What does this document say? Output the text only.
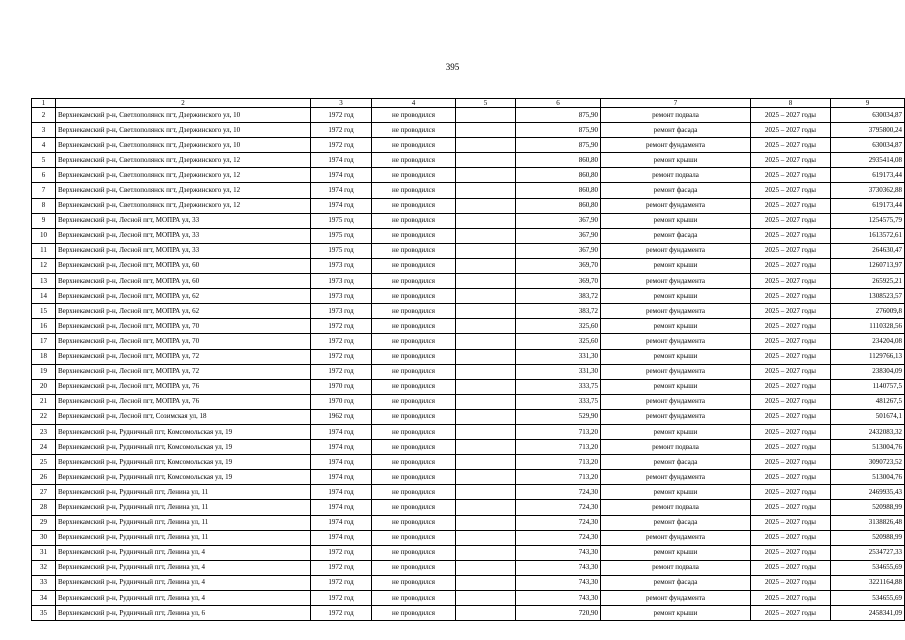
395
1	2	3	4	5	6	7	8	9
2	Верхнекамский р-н, Светлополянск пгт, Дзержинского ул, 10	1972 год	не проводился		875,90	ремонт подвала	2025 – 2027 годы	630034,87
3	Верхнекамский р-н, Светлополянск пгт, Дзержинского ул, 10	1972 год	не проводился		875,90	ремонт фасада	2025 – 2027 годы	3795800,24
4	Верхнекамский р-н, Светлополянск пгт, Дзержинского ул, 10	1972 год	не проводился		875,90	ремонт фундамента	2025 – 2027 годы	630034,87
5	Верхнекамский р-н, Светлополянск пгт, Дзержинского ул, 12	1974 год	не проводился		860,80	ремонт крыши	2025 – 2027 годы	2935414,08
6	Верхнекамский р-н, Светлополянск пгт, Дзержинского ул, 12	1974 год	не проводился		860,80	ремонт подвала	2025 – 2027 годы	619173,44
7	Верхнекамский р-н, Светлополянск пгт, Дзержинского ул, 12	1974 год	не проводился		860,80	ремонт фасада	2025 – 2027 годы	3730362,88
8	Верхнекамский р-н, Светлополянск пгт, Дзержинского ул, 12	1974 год	не проводился		860,80	ремонт фундамента	2025 – 2027 годы	619173,44
9	Верхнекамский р-н, Лесной пгт, МОПРА ул, 33	1975 год	не проводился		367,90	ремонт крыши	2025 – 2027 годы	1254575,79
10	Верхнекамский р-н, Лесной пгт, МОПРА ул, 33	1975 год	не проводился		367,90	ремонт фасада	2025 – 2027 годы	1613572,61
11	Верхнекамский р-н, Лесной пгт, МОПРА ул, 33	1975 год	не проводился		367,90	ремонт фундамента	2025 – 2027 годы	264630,47
12	Верхнекамский р-н, Лесной пгт, МОПРА ул, 60	1973 год	не проводился		369,70	ремонт крыши	2025 – 2027 годы	1260713,97
13	Верхнекамский р-н, Лесной пгт, МОПРА ул, 60	1973 год	не проводился		369,70	ремонт фундамента	2025 – 2027 годы	265925,21
14	Верхнекамский р-н, Лесной пгт, МОПРА ул, 62	1973 год	не проводился		383,72	ремонт крыши	2025 – 2027 годы	1308523,57
15	Верхнекамский р-н, Лесной пгт, МОПРА ул, 62	1973 год	не проводился		383,72	ремонт фундамента	2025 – 2027 годы	276009,8
16	Верхнекамский р-н, Лесной пгт, МОПРА ул, 70	1972 год	не проводился		325,60	ремонт крыши	2025 – 2027 годы	1110328,56
17	Верхнекамский р-н, Лесной пгт, МОПРА ул, 70	1972 год	не проводился		325,60	ремонт фундамента	2025 – 2027 годы	234204,08
18	Верхнекамский р-н, Лесной пгт, МОПРА ул, 72	1972 год	не проводился		331,30	ремонт крыши	2025 – 2027 годы	1129766,13
19	Верхнекамский р-н, Лесной пгт, МОПРА ул, 72	1972 год	не проводился		331,30	ремонт фундамента	2025 – 2027 годы	238304,09
20	Верхнекамский р-н, Лесной пгт, МОПРА ул, 76	1970 год	не проводился		333,75	ремонт крыши	2025 – 2027 годы	1140757,5
21	Верхнекамский р-н, Лесной пгт, МОПРА ул, 76	1970 год	не проводился		333,75	ремонт фундамента	2025 – 2027 годы	481267,5
22	Верхнекамский р-н, Лесной пгт, Созимская ул, 18	1962 год	не проводился		529,90	ремонт фундамента	2025 – 2027 годы	501674,1
23	Верхнекамский р-н, Рудничный пгт, Комсомольская ул, 19	1974 год	не проводился		713,20	ремонт крыши	2025 – 2027 годы	2432083,32
24	Верхнекамский р-н, Рудничный пгт, Комсомольская ул, 19	1974 год	не проводился		713,20	ремонт подвала	2025 – 2027 годы	513004,76
25	Верхнекамский р-н, Рудничный пгт, Комсомольская ул, 19	1974 год	не проводился		713,20	ремонт фасада	2025 – 2027 годы	3090723,52
26	Верхнекамский р-н, Рудничный пгт, Комсомольская ул, 19	1974 год	не проводился		713,20	ремонт фундамента	2025 – 2027 годы	513004,76
27	Верхнекамский р-н, Рудничный пгт, Ленина ул, 11	1974 год	не проводился		724,30	ремонт крыши	2025 – 2027 годы	2469935,43
28	Верхнекамский р-н, Рудничный пгт, Ленина ул, 11	1974 год	не проводился		724,30	ремонт подвала	2025 – 2027 годы	520988,99
29	Верхнекамский р-н, Рудничный пгт, Ленина ул, 11	1974 год	не проводился		724,30	ремонт фасада	2025 – 2027 годы	3138826,48
30	Верхнекамский р-н, Рудничный пгт, Ленина ул, 11	1974 год	не проводился		724,30	ремонт фундамента	2025 – 2027 годы	520988,99
31	Верхнекамский р-н, Рудничный пгт, Ленина ул, 4	1972 год	не проводился		743,30	ремонт крыши	2025 – 2027 годы	2534727,33
32	Верхнекамский р-н, Рудничный пгт, Ленина ул, 4	1972 год	не проводился		743,30	ремонт подвала	2025 – 2027 годы	534655,69
33	Верхнекамский р-н, Рудничный пгт, Ленина ул, 4	1972 год	не проводился		743,30	ремонт фасада	2025 – 2027 годы	3221164,88
34	Верхнекамский р-н, Рудничный пгт, Ленина ул, 4	1972 год	не проводился		743,30	ремонт фундамента	2025 – 2027 годы	534655,69
35	Верхнекамский р-н, Рудничный пгт, Ленина ул, 6	1972 год	не проводился		720,90	ремонт крыши	2025 – 2027 годы	2458341,09
